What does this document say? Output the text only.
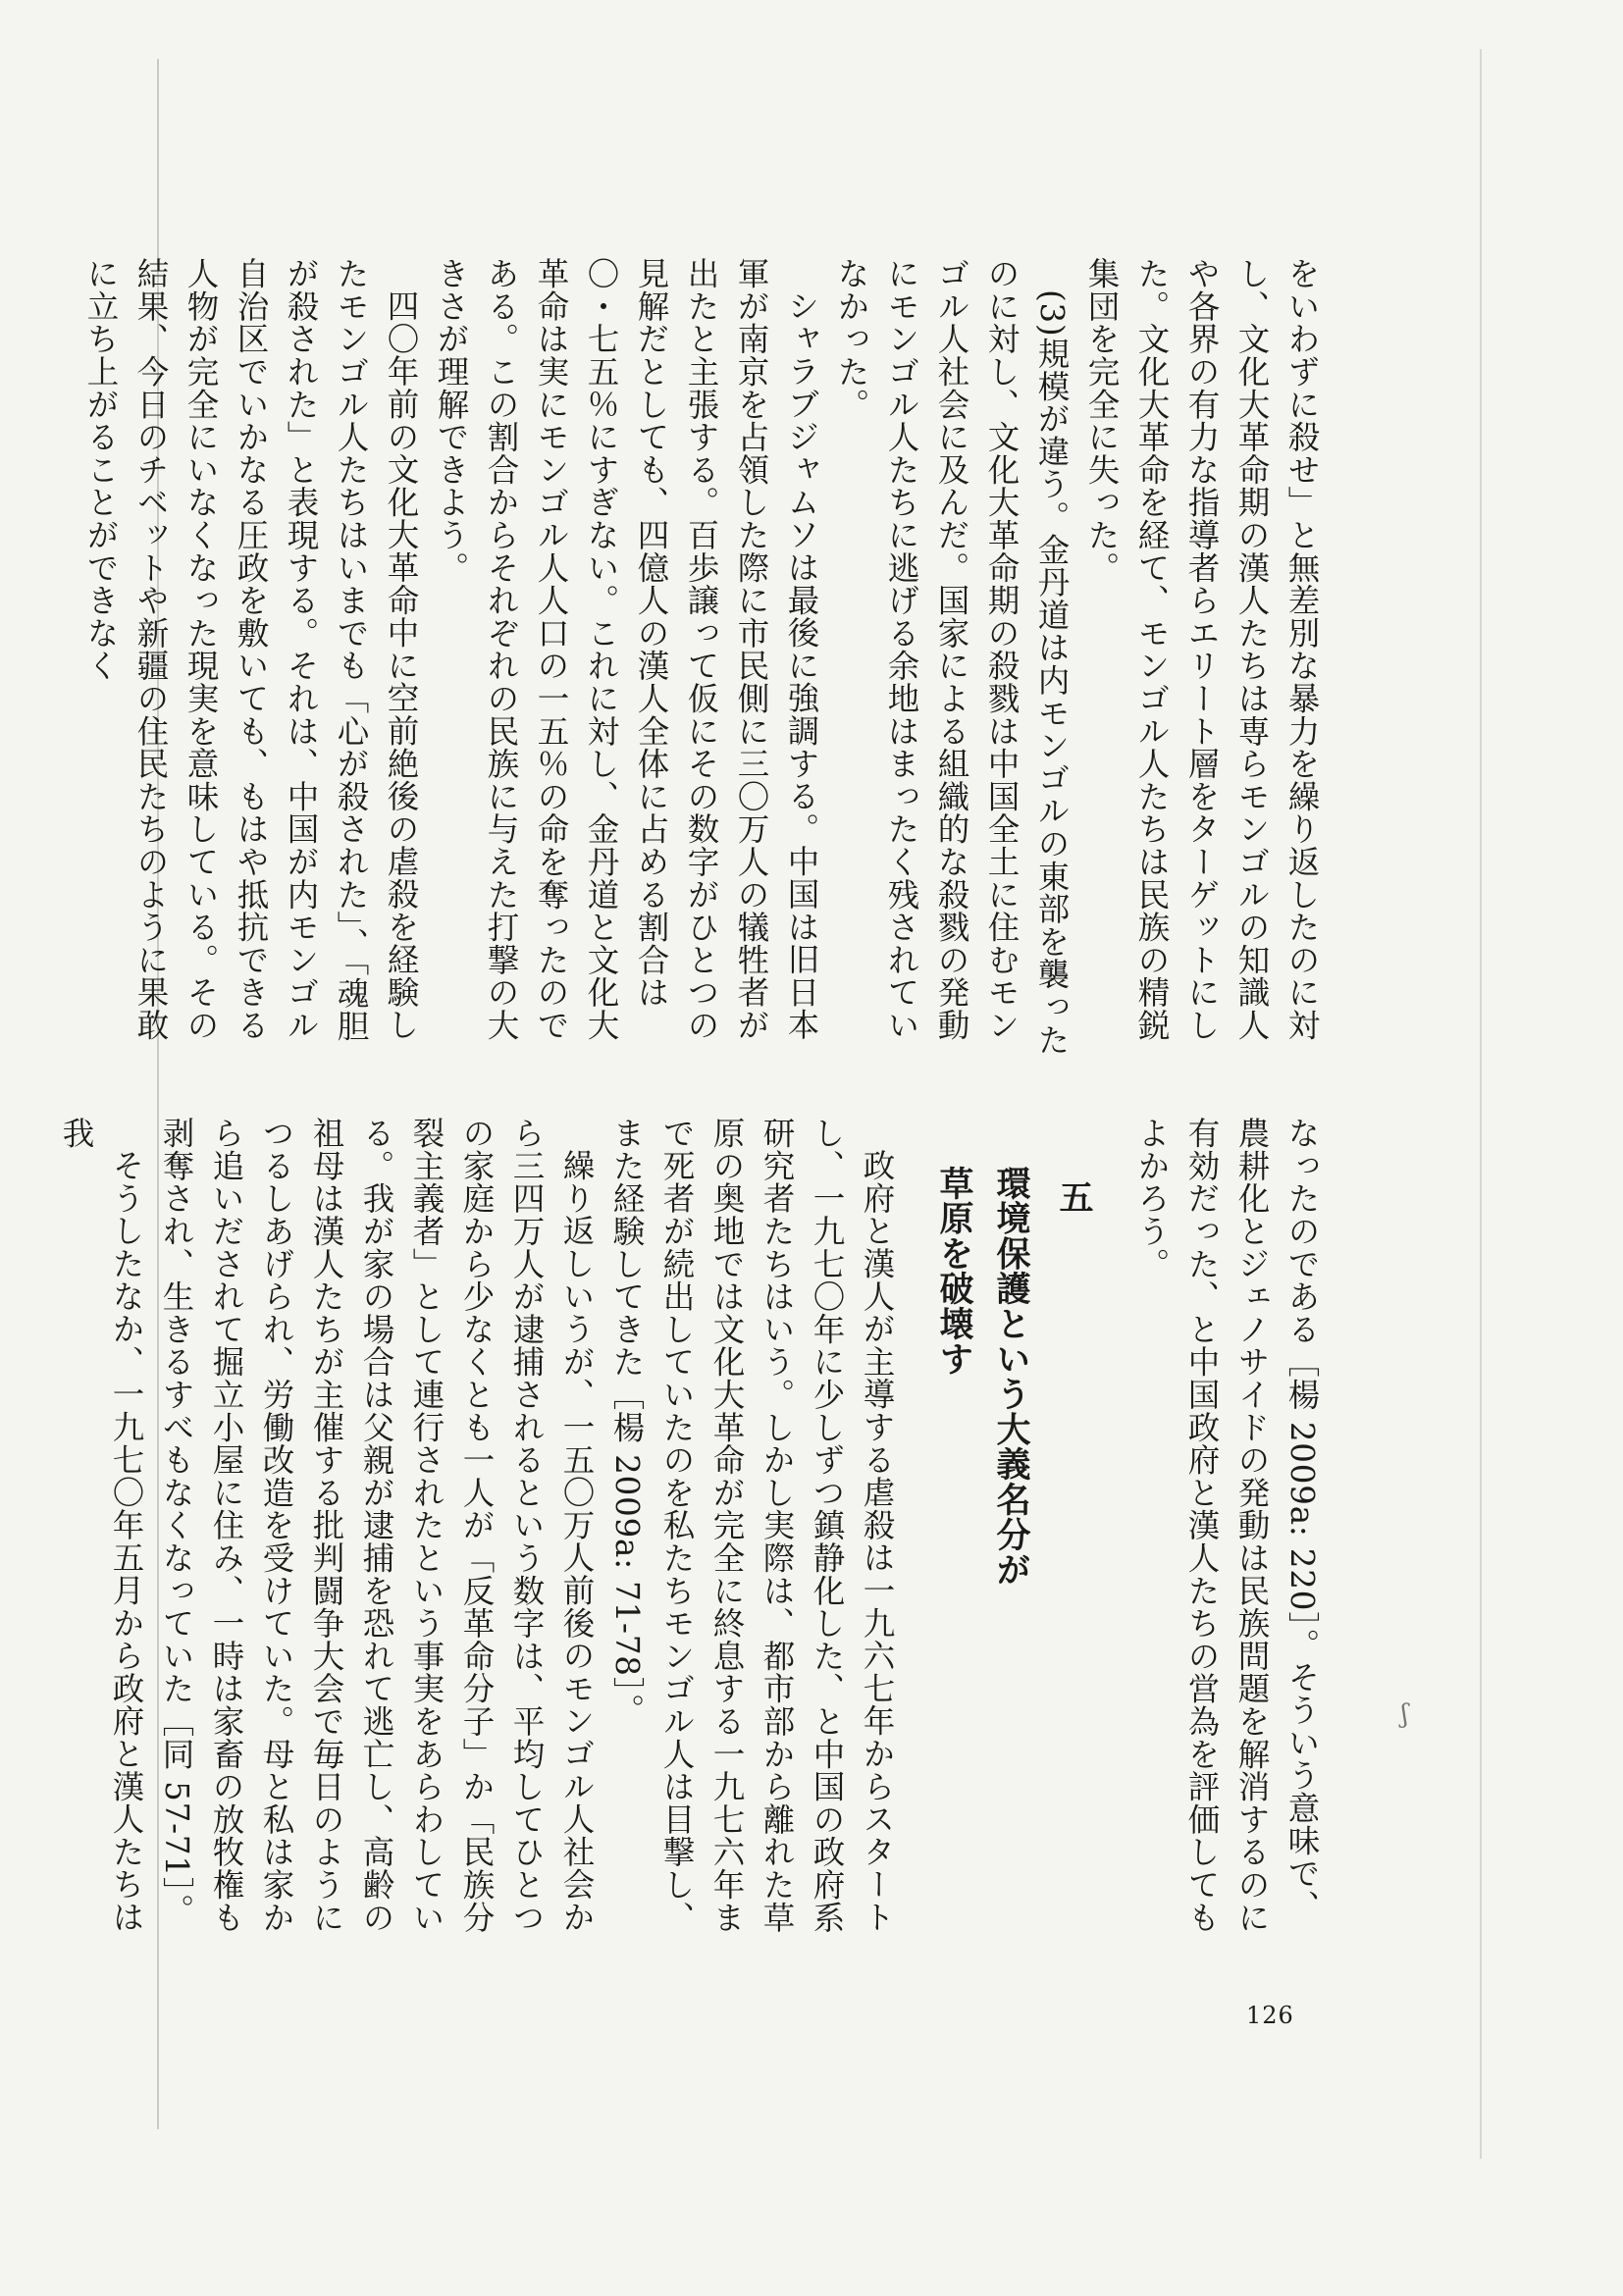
をいわずに殺せ」と無差別な暴力を繰り返したのに対し、文化大革命期の漢人たちは専らモンゴルの知識人や各界の有力な指導者らエリート層をターゲットにした。文化大革命を経て、モンゴル人たちは民族の精鋭集団を完全に失った。

(3)規模が違う。金丹道は内モンゴルの東部を襲ったのに対し、文化大革命期の殺戮は中国全土に住むモンゴル人社会に及んだ。国家による組織的な殺戮の発動にモンゴル人たちに逃げる余地はまったく残されていなかった。

シャラブジャムソは最後に強調する。中国は旧日本軍が南京を占領した際に市民側に三〇万人の犠牲者が出たと主張する。百歩譲って仮にその数字がひとつの見解だとしても、四億人の漢人全体に占める割合は〇・七五％にすぎない。これに対し、金丹道と文化大革命は実にモンゴル人人口の一五％の命を奪ったのである。この割合からそれぞれの民族に与えた打撃の大きさが理解できよう。

四〇年前の文化大革命中に空前絶後の虐殺を経験したモンゴル人たちはいまでも「心が殺された」、「魂胆が殺された」と表現する。それは、中国が内モンゴル自治区でいかなる圧政を敷いても、もはや抵抗できる人物が完全にいなくなった現実を意味している。その結果、今日のチベットや新疆の住民たちのように果敢に立ち上がることができなく

なったのである［楊 2009a: 220］。そういう意味で、農耕化とジェノサイドの発動は民族問題を解消するのに有効だった、と中国政府と漢人たちの営為を評価してもよかろう。

五
環境保護という大義名分が
草原を破壊す

政府と漢人が主導する虐殺は一九六七年からスタートし、一九七〇年に少しずつ鎮静化した、と中国の政府系研究者たちはいう。しかし実際は、都市部から離れた草原の奥地では文化大革命が完全に終息する一九七六年まで死者が続出していたのを私たちモンゴル人は目撃し、また経験してきた［楊 2009a: 71-78］。

繰り返しいうが、一五〇万人前後のモンゴル人社会から三四万人が逮捕されるという数字は、平均してひとつの家庭から少なくとも一人が「反革命分子」か「民族分裂主義者」として連行されたという事実をあらわしている。我が家の場合は父親が逮捕を恐れて逃亡し、高齢の祖母は漢人たちが主催する批判闘争大会で毎日のようにつるしあげられ、労働改造を受けていた。母と私は家から追いだされて掘立小屋に住み、一時は家畜の放牧権も剥奪され、生きるすべもなくなっていた［同 57-71］。

そうしたなか、一九七〇年五月から政府と漢人たちは我

126
ʃ
